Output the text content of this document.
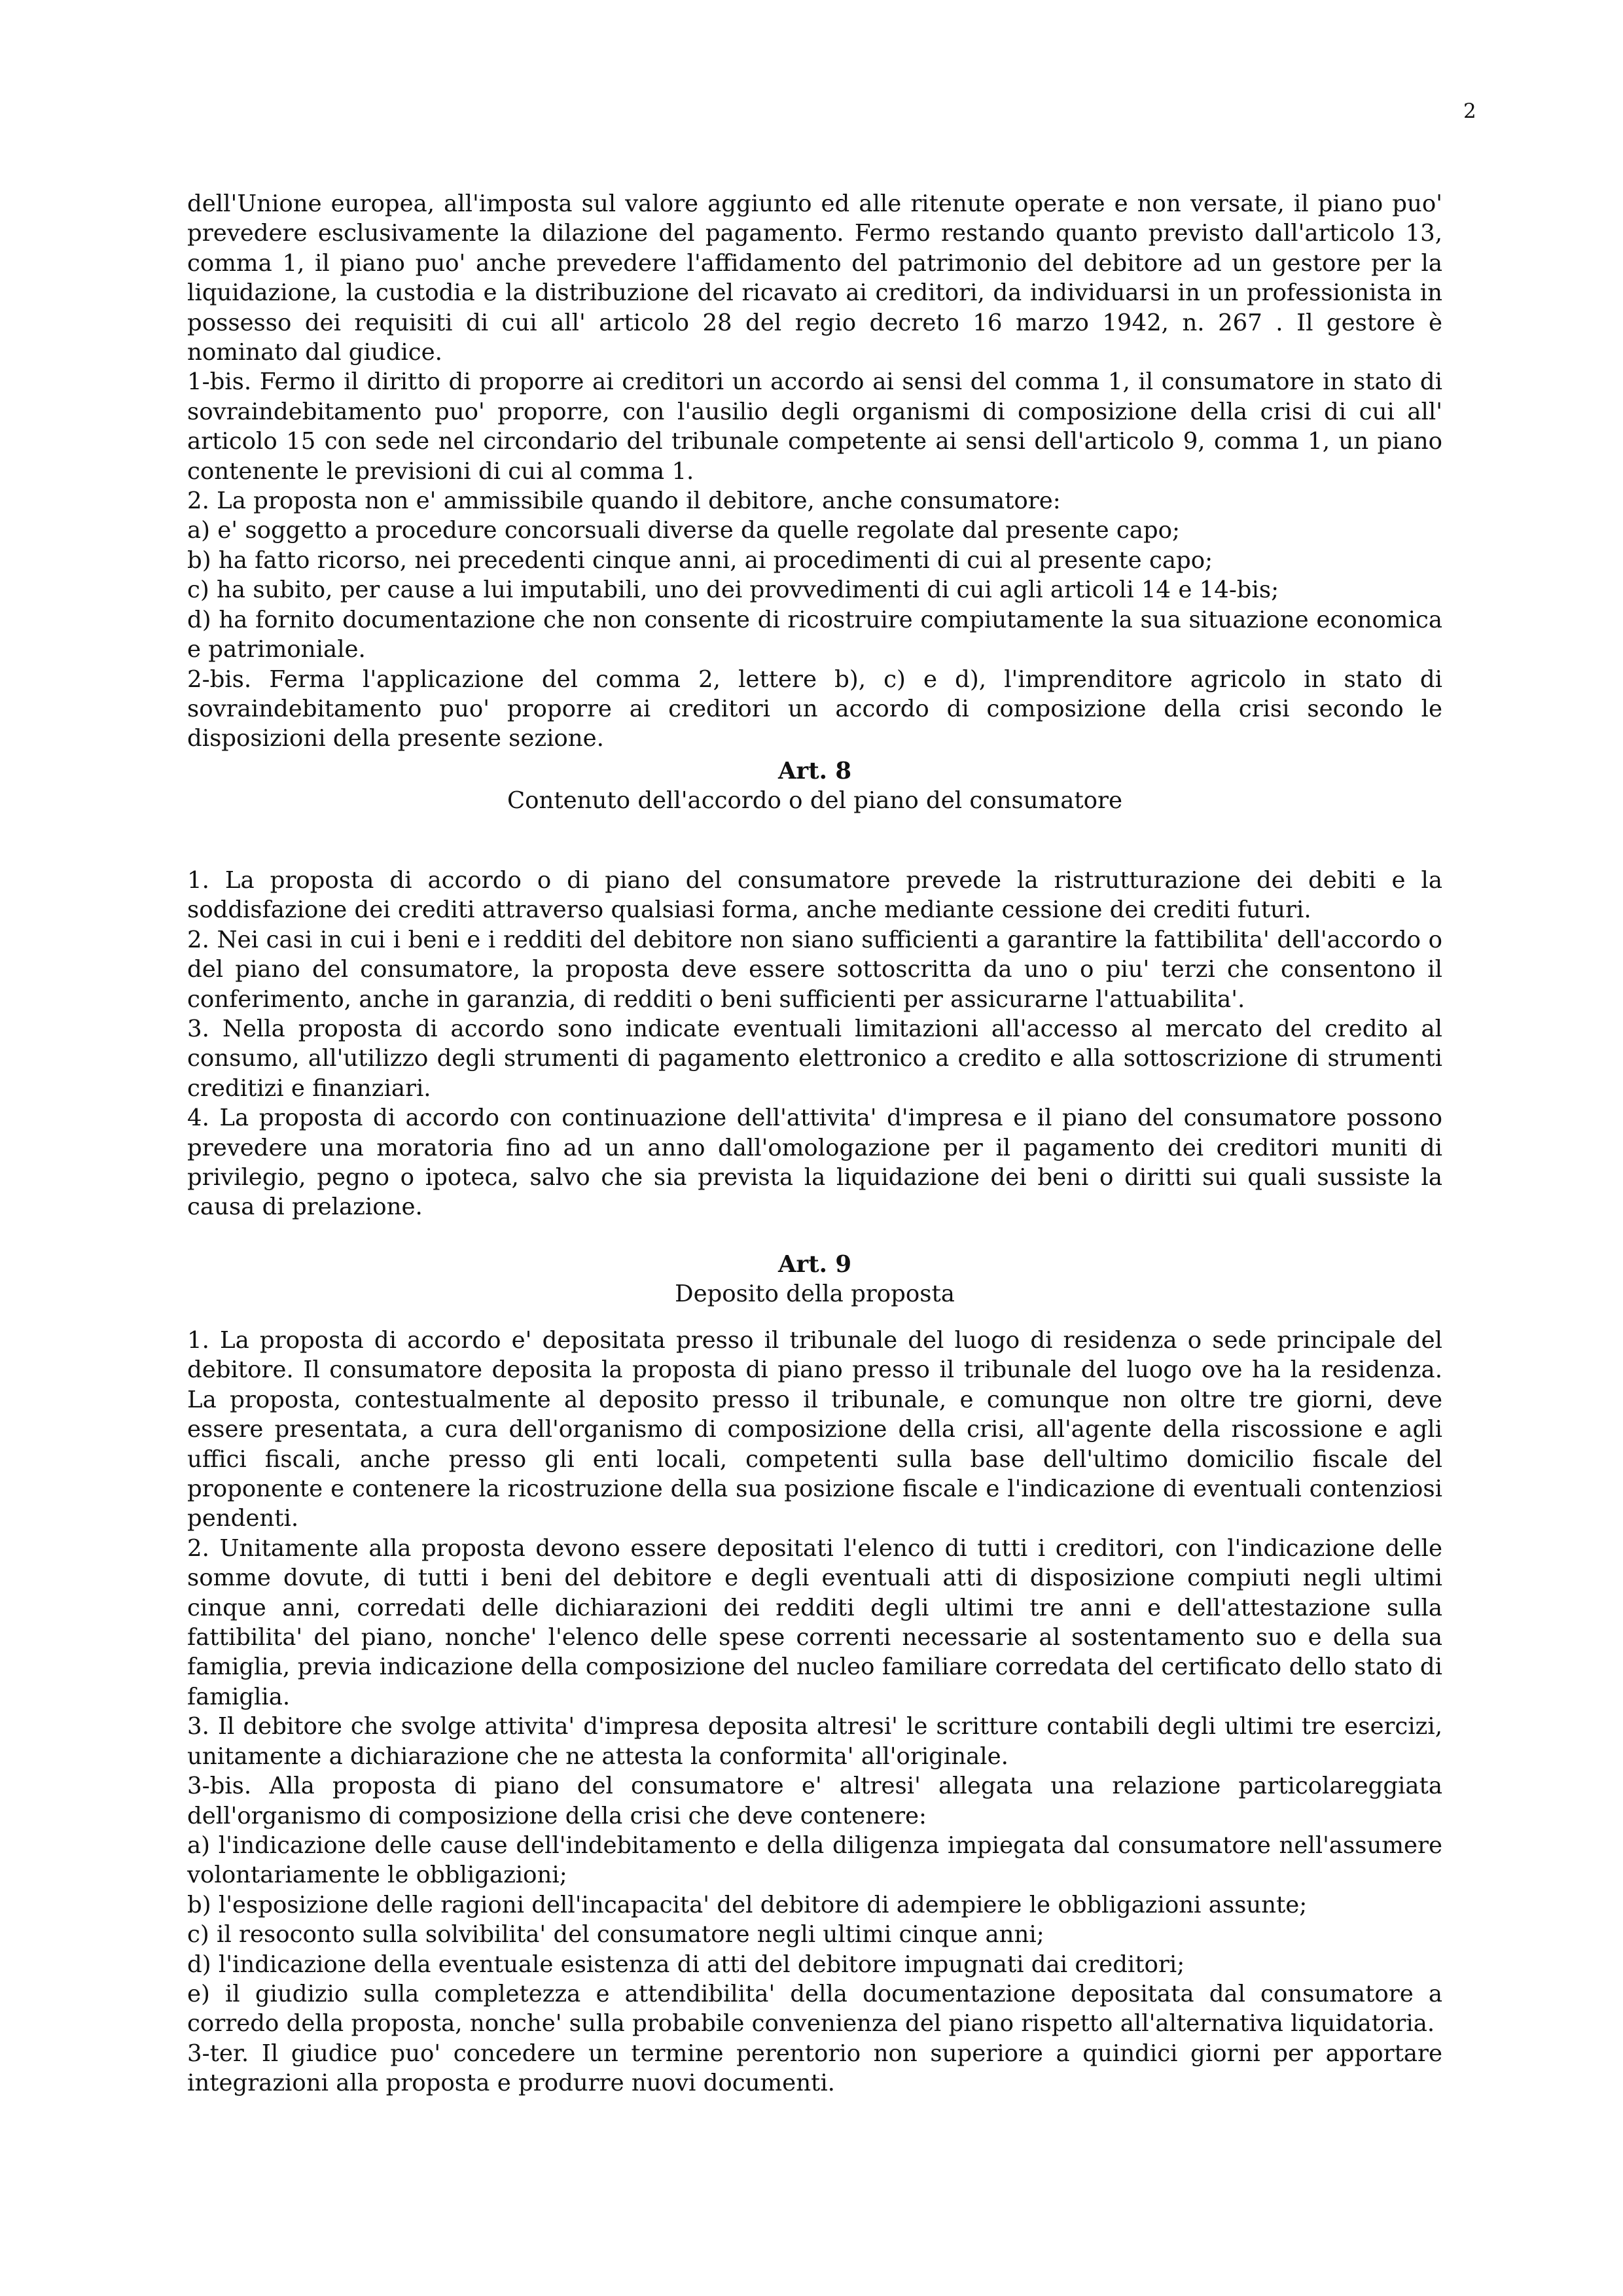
2

dell'Unione europea, all'imposta sul valore aggiunto ed alle ritenute operate e non versate, il piano puo' prevedere esclusivamente la dilazione del pagamento. Fermo restando quanto previsto dall'articolo 13, comma 1, il piano puo' anche prevedere l'affidamento del patrimonio del debitore ad un gestore per la liquidazione, la custodia e la distribuzione del ricavato ai creditori, da individuarsi in un professionista in possesso dei requisiti di cui all' articolo 28 del regio decreto 16 marzo 1942, n. 267 . Il gestore è nominato dal giudice.

1-bis. Fermo il diritto di proporre ai creditori un accordo ai sensi del comma 1, il consumatore in stato di sovraindebitamento puo' proporre, con l'ausilio degli organismi di composizione della crisi di cui all' articolo 15 con sede nel circondario del tribunale competente ai sensi dell'articolo 9, comma 1, un piano contenente le previsioni di cui al comma 1.

2. La proposta non e' ammissibile quando il debitore, anche consumatore:

a) e' soggetto a procedure concorsuali diverse da quelle regolate dal presente capo;

b) ha fatto ricorso, nei precedenti cinque anni, ai procedimenti di cui al presente capo;

c) ha subito, per cause a lui imputabili, uno dei provvedimenti di cui agli articoli 14 e 14-bis;

d) ha fornito documentazione che non consente di ricostruire compiutamente la sua situazione economica e patrimoniale.

2-bis. Ferma l'applicazione del comma 2, lettere b), c) e d), l'imprenditore agricolo in stato di sovraindebitamento puo' proporre ai creditori un accordo di composizione della crisi secondo le disposizioni della presente sezione.

Art. 8
Contenuto dell'accordo o del piano del consumatore

1. La proposta di accordo o di piano del consumatore prevede la ristrutturazione dei debiti e la soddisfazione dei crediti attraverso qualsiasi forma, anche mediante cessione dei crediti futuri.

2. Nei casi in cui i beni e i redditi del debitore non siano sufficienti a garantire la fattibilita' dell'accordo o del piano del consumatore, la proposta deve essere sottoscritta da uno o piu' terzi che consentono il conferimento, anche in garanzia, di redditi o beni sufficienti per assicurarne l'attuabilita'.

3. Nella proposta di accordo sono indicate eventuali limitazioni all'accesso al mercato del credito al consumo, all'utilizzo degli strumenti di pagamento elettronico a credito e alla sottoscrizione di strumenti creditizi e finanziari.

4. La proposta di accordo con continuazione dell'attivita' d'impresa e il piano del consumatore possono prevedere una moratoria fino ad un anno dall'omologazione per il pagamento dei creditori muniti di privilegio, pegno o ipoteca, salvo che sia prevista la liquidazione dei beni o diritti sui quali sussiste la causa di prelazione.

Art. 9
Deposito della proposta

1. La proposta di accordo e' depositata presso il tribunale del luogo di residenza o sede principale del debitore. Il consumatore deposita la proposta di piano presso il tribunale del luogo ove ha la residenza. La proposta, contestualmente al deposito presso il tribunale, e comunque non oltre tre giorni, deve essere presentata, a cura dell'organismo di composizione della crisi, all'agente della riscossione e agli uffici fiscali, anche presso gli enti locali, competenti sulla base dell'ultimo domicilio fiscale del proponente e contenere la ricostruzione della sua posizione fiscale e l'indicazione di eventuali contenziosi pendenti.

2. Unitamente alla proposta devono essere depositati l'elenco di tutti i creditori, con l'indicazione delle somme dovute, di tutti i beni del debitore e degli eventuali atti di disposizione compiuti negli ultimi cinque anni, corredati delle dichiarazioni dei redditi degli ultimi tre anni e dell'attestazione sulla fattibilita' del piano, nonche' l'elenco delle spese correnti necessarie al sostentamento suo e della sua famiglia, previa indicazione della composizione del nucleo familiare corredata del certificato dello stato di famiglia.

3. Il debitore che svolge attivita' d'impresa deposita altresi' le scritture contabili degli ultimi tre esercizi, unitamente a dichiarazione che ne attesta la conformita' all'originale.

3-bis. Alla proposta di piano del consumatore e' altresi' allegata una relazione particolareggiata dell'organismo di composizione della crisi che deve contenere:

a) l'indicazione delle cause dell'indebitamento e della diligenza impiegata dal consumatore nell'assumere volontariamente le obbligazioni;

b) l'esposizione delle ragioni dell'incapacita' del debitore di adempiere le obbligazioni assunte;

c) il resoconto sulla solvibilita' del consumatore negli ultimi cinque anni;

d) l'indicazione della eventuale esistenza di atti del debitore impugnati dai creditori;

e) il giudizio sulla completezza e attendibilita' della documentazione depositata dal consumatore a corredo della proposta, nonche' sulla probabile convenienza del piano rispetto all'alternativa liquidatoria.

3-ter. Il giudice puo' concedere un termine perentorio non superiore a quindici giorni per apportare integrazioni alla proposta e produrre nuovi documenti.
